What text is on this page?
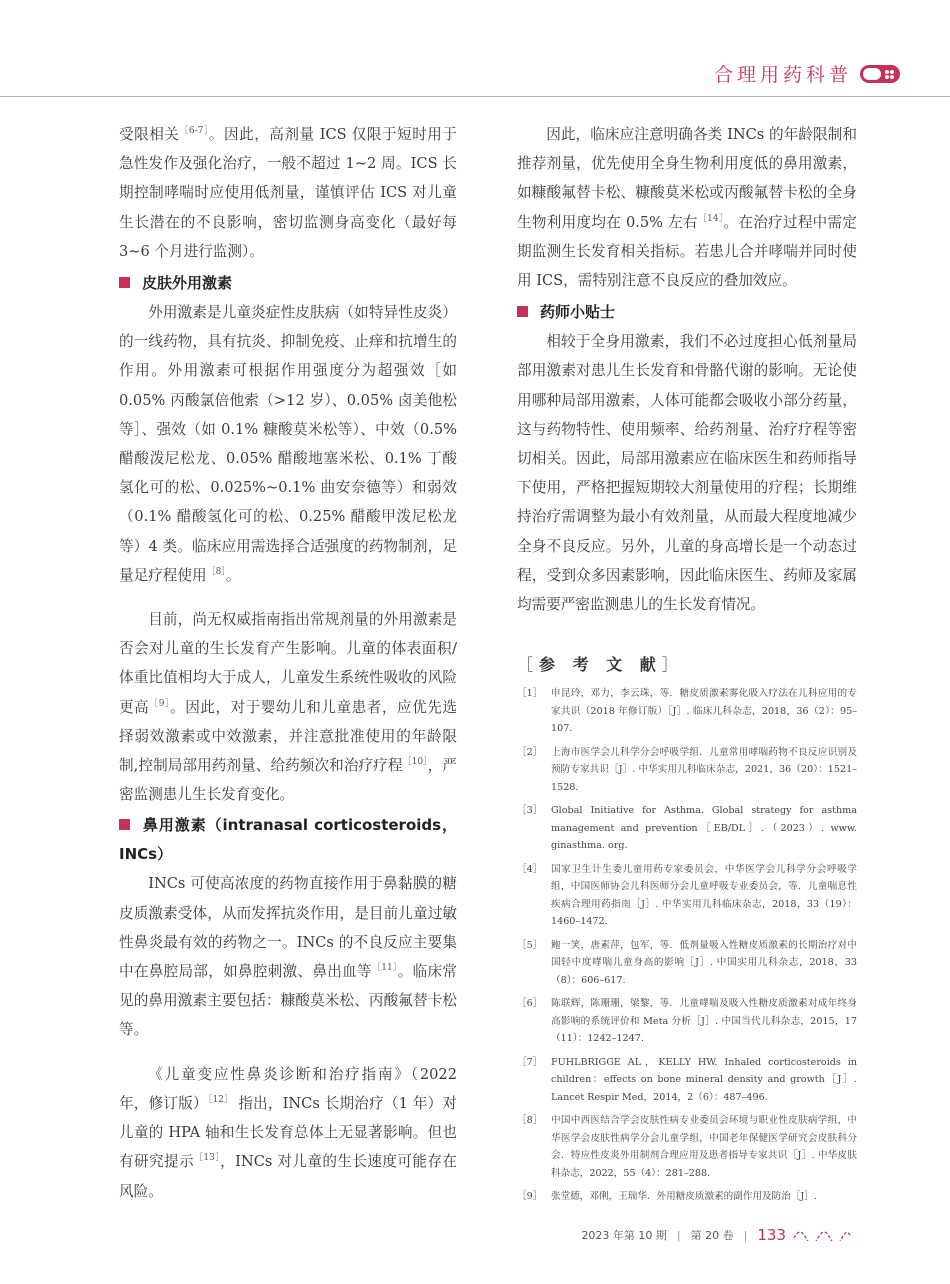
合理用药科普

受限相关$^{[6-7]}$。因此，高剂量 ICS 仅限于短时用于急性发作及强化治疗，一般不超过 1~2 周。ICS 长期控制哮喘时应使用低剂量，谨慎评估 ICS 对儿童生长潜在的不良影响，密切监测身高变化（最好每 3~6 个月进行监测）。

皮肤外用激素

外用激素是儿童炎症性皮肤病（如特异性皮炎）的一线药物，具有抗炎、抑制免疫、止痒和抗增生的作用。外用激素可根据作用强度分为超强效［如 0.05% 丙酸氯倍他索（>12 岁）、0.05% 卤美他松等］、强效（如 0.1% 糠酸莫米松等）、中效（0.5% 醋酸泼尼松龙、0.05% 醋酸地塞米松、0.1% 丁酸氢化可的松、0.025%~0.1% 曲安奈德等）和弱效（0.1% 醋酸氢化可的松、0.25% 醋酸甲泼尼松龙等）4 类。临床应用需选择合适强度的药物制剂，足量足疗程使用$^{[8]}$。

目前，尚无权威指南指出常规剂量的外用激素是否会对儿童的生长发育产生影响。儿童的体表面积/体重比值相均大于成人，儿童发生系统性吸收的风险更高$^{[9]}$。因此，对于婴幼儿和儿童患者，应优先选择弱效激素或中效激素，并注意批准使用的年龄限制,控制局部用药剂量、给药频次和治疗疗程$^{[10]}$，严密监测患儿生长发育变化。

鼻用激素（intranasal corticosteroids，INCs）

INCs 可使高浓度的药物直接作用于鼻黏膜的糖皮质激素受体，从而发挥抗炎作用，是目前儿童过敏性鼻炎最有效的药物之一。INCs 的不良反应主要集中在鼻腔局部，如鼻腔刺激、鼻出血等$^{[11]}$。临床常见的鼻用激素主要包括：糠酸莫米松、丙酸氟替卡松等。

《儿童变应性鼻炎诊断和治疗指南》（2022 年，修订版）$^{[12]}$ 指出，INCs 长期治疗（1 年）对儿童的 HPA 轴和生长发育总体上无显著影响。但也有研究提示$^{[13]}$，INCs 对儿童的生长速度可能存在风险。

因此，临床应注意明确各类 INCs 的年龄限制和推荐剂量，优先使用全身生物利用度低的鼻用激素，如糠酸氟替卡松、糠酸莫米松或丙酸氟替卡松的全身生物利用度均在 0.5% 左右$^{[14]}$。在治疗过程中需定期监测生长发育相关指标。若患儿合并哮喘并同时使用 ICS，需特别注意不良反应的叠加效应。

药师小贴士

相较于全身用激素，我们不必过度担心低剂量局部用激素对患儿生长发育和骨骼代谢的影响。无论使用哪种局部用激素，人体可能都会吸收小部分药量，这与药物特性、使用频率、给药剂量、治疗疗程等密切相关。因此，局部用激素应在临床医生和药师指导下使用，严格把握短期较大剂量使用的疗程；长期维持治疗需调整为最小有效剂量，从而最大程度地减少全身不良反应。另外，儿童的身高增长是一个动态过程，受到众多因素影响，因此临床医生、药师及家属均需要严密监测患儿的生长发育情况。

［参 考 文 献］
［1］ 申昆玲，邓力，李云珠，等．糖皮质激素雾化吸入疗法在儿科应用的专家共识（2018 年修订版）［J］. 临床儿科杂志，2018，36（2）：95–107.
［2］ 上海市医学会儿科学分会呼吸学组．儿童常用哮喘药物不良反应识别及预防专家共识［J］. 中华实用儿科临床杂志，2021，36（20）：1521–1528.
［3］ Global Initiative for Asthma. Global strategy for asthma management and prevention［EB/DL］.（2023）. www. ginasthma. org.
［4］ 国家卫生计生委儿童用药专家委员会，中华医学会儿科学分会呼吸学组，中国医师协会儿科医师分会儿童呼吸专业委员会，等．儿童喘息性疾病合理用药指南［J］. 中华实用儿科临床杂志，2018，33（19）：1460–1472.
［5］ 鲍一笑，唐素萍，包军，等．低剂量吸入性糖皮质激素的长期治疗对中国轻中度哮喘儿童身高的影响［J］. 中国实用儿科杂志，2018，33（8）：606–617.
［6］ 陈联辉，陈珊珊，梁黎，等．儿童哮喘及吸入性糖皮质激素对成年终身高影响的系统评价和 Meta 分析［J］. 中国当代儿科杂志，2015，17（11）：1242–1247.
［7］ FUHLBRIGGE AL，KELLY HW. Inhaled corticosteroids in children：effects on bone mineral density and growth［J］. Lancet Respir Med，2014，2（6）：487–496.
［8］ 中国中西医结合学会皮肤性病专业委员会环境与职业性皮肤病学组，中华医学会皮肤性病学分会儿童学组，中国老年保健医学研究会皮肤科分会．特应性皮炎外用制剂合理应用及患者指导专家共识［J］. 中华皮肤科杂志，2022，55（4）：281–288.
［9］ 张堂德，邓俐，王瑞华．外用糖皮质激素的副作用及防治［J］.
2023 年第 10 期 | 第 20 卷 | 133
